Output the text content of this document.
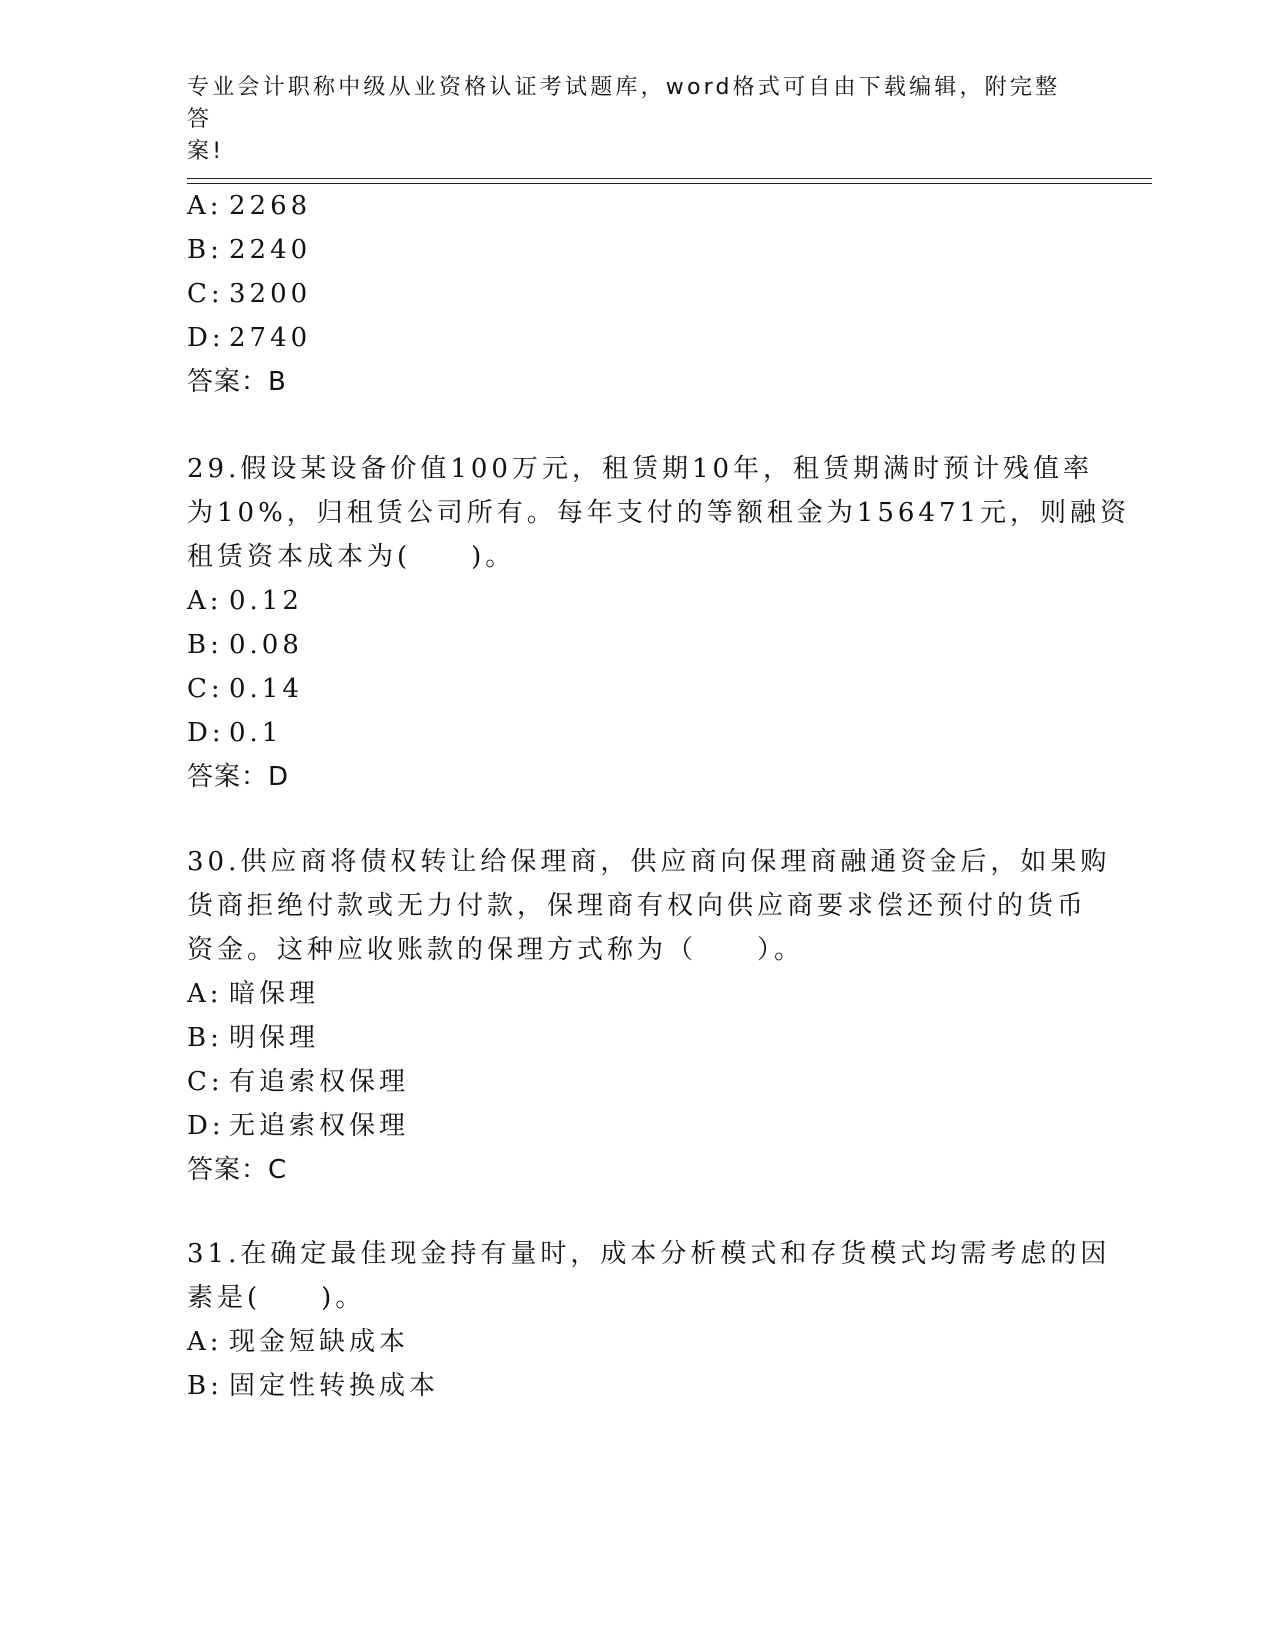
专业会计职称中级从业资格认证考试题库，word格式可自由下载编辑，附完整答
案!
A: 2268
B: 2240
C: 3200
D: 2740
答案：B
29.假设某设备价值100万元，租赁期10年，租赁期满时预计残值率
为10%，归租赁公司所有。每年支付的等额租金为156471元，则融资
租赁资本成本为(　　)。
A: 0.12
B: 0.08
C: 0.14
D: 0.1
答案：D
30.供应商将债权转让给保理商，供应商向保理商融通资金后，如果购
货商拒绝付款或无力付款，保理商有权向供应商要求偿还预付的货币
资金。这种应收账款的保理方式称为（　　）。
A: 暗保理
B: 明保理
C: 有追索权保理
D: 无追索权保理
答案：C
31.在确定最佳现金持有量时，成本分析模式和存货模式均需考虑的因
素是(　　)。
A: 现金短缺成本
B: 固定性转换成本
